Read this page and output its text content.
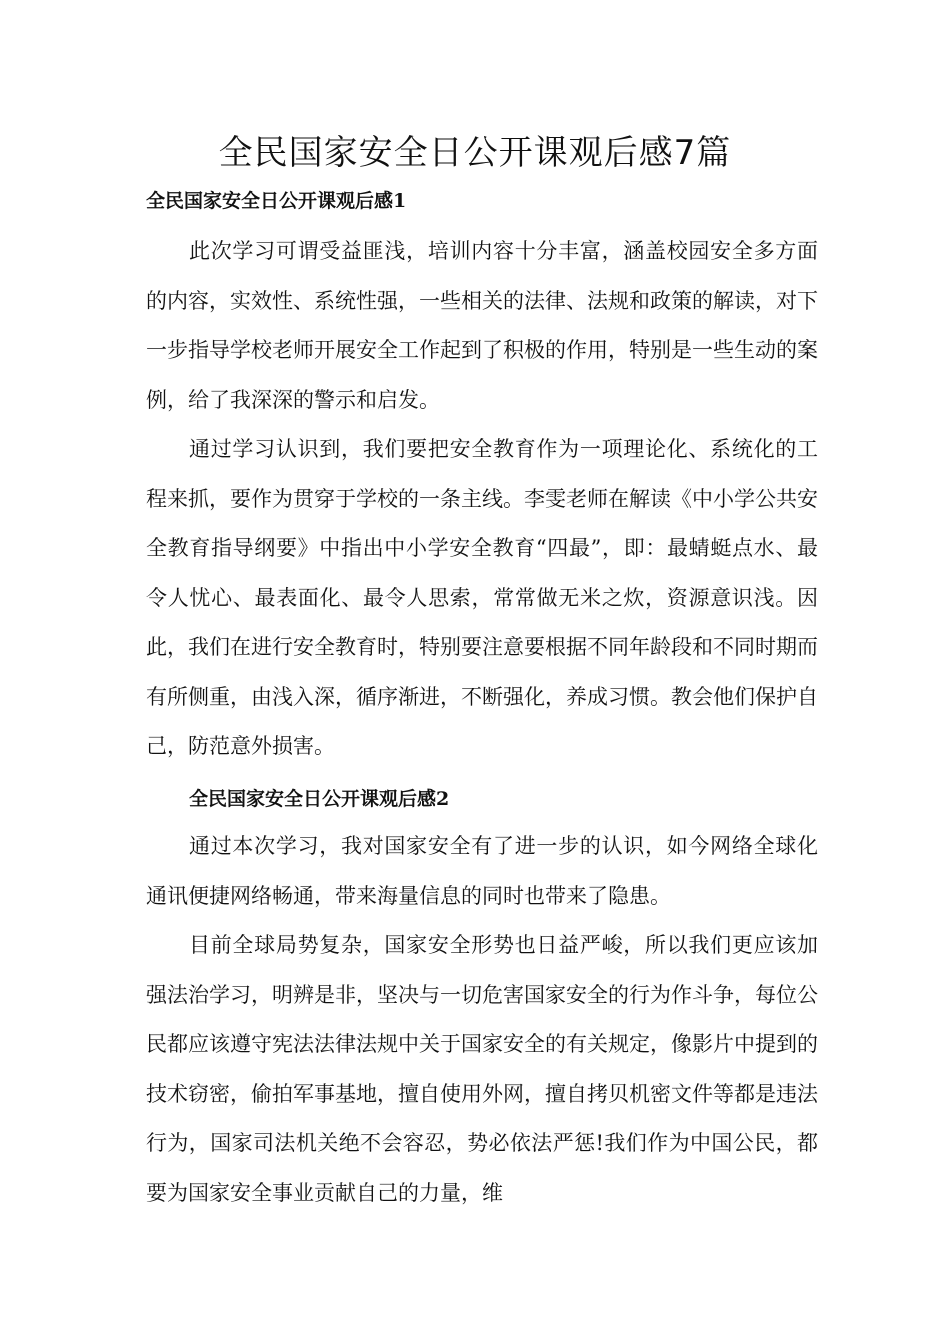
全民国家安全日公开课观后感7篇
全民国家安全日公开课观后感1

此次学习可谓受益匪浅，培训内容十分丰富，涵盖校园安全多方面的内容，实效性、系统性强，一些相关的法律、法规和政策的解读，对下一步指导学校老师开展安全工作起到了积极的作用，特别是一些生动的案例，给了我深深的警示和启发。

通过学习认识到，我们要把安全教育作为一项理论化、系统化的工程来抓，要作为贯穿于学校的一条主线。李雯老师在解读《中小学公共安全教育指导纲要》中指出中小学安全教育“四最”，即：最蜻蜓点水、最令人忧心、最表面化、最令人思索，常常做无米之炊，资源意识浅。因此，我们在进行安全教育时，特别要注意要根据不同年龄段和不同时期而有所侧重，由浅入深，循序渐进，不断强化，养成习惯。教会他们保护自己，防范意外损害。

全民国家安全日公开课观后感2

通过本次学习，我对国家安全有了进一步的认识，如今网络全球化通讯便捷网络畅通，带来海量信息的同时也带来了隐患。

目前全球局势复杂，国家安全形势也日益严峻，所以我们更应该加强法治学习，明辨是非，坚决与一切危害国家安全的行为作斗争，每位公民都应该遵守宪法法律法规中关于国家安全的有关规定，像影片中提到的技术窃密，偷拍军事基地，擅自使用外网，擅自拷贝机密文件等都是违法行为，国家司法机关绝不会容忍，势必依法严惩!我们作为中国公民，都要为国家安全事业贡献自己的力量，维
